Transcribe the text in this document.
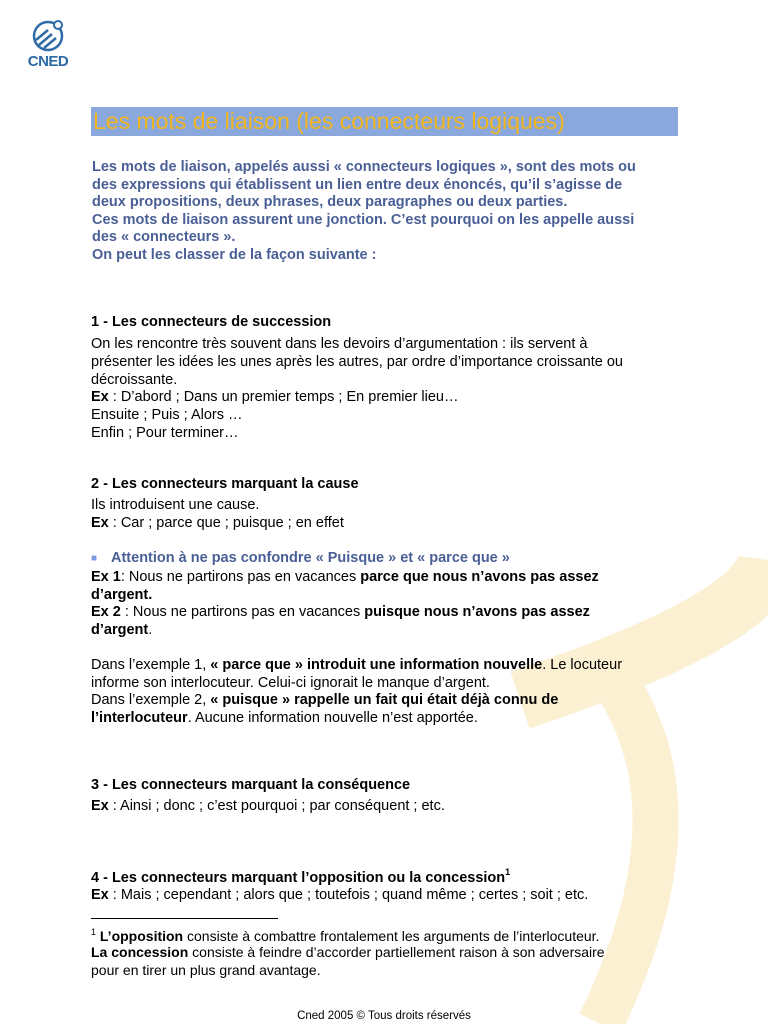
CNED
Les mots de liaison (les connecteurs logiques)

Les mots de liaison, appelés aussi « connecteurs logiques », sont des mots ou

des expressions qui établissent un lien entre deux énoncés, qu’il s’agisse de

deux propositions, deux phrases, deux paragraphes ou deux parties.

Ces mots de liaison assurent une jonction. C’est pourquoi on les appelle aussi

des « connecteurs ».

On peut les classer de la façon suivante :

1 - Les connecteurs de succession
On les rencontre très souvent dans les devoirs d’argumentation : ils servent à
présenter les idées les unes après les autres, par ordre d’importance croissante ou
décroissante.
Ex : D’abord ; Dans un premier temps ; En premier lieu…
Ensuite ; Puis ; Alors …
Enfin ; Pour terminer…
2 - Les connecteurs marquant la cause
Ils introduisent une cause.
Ex : Car ; parce que ; puisque ; en effet
■ Attention à ne pas confondre « Puisque » et « parce que »
Ex 1: Nous ne partirons pas en vacances parce que nous n’avons pas assez
d’argent.
Ex 2 : Nous ne partirons pas en vacances puisque nous n’avons pas assez
d’argent.
Dans l’exemple 1, « parce que » introduit une information nouvelle. Le locuteur
informe son interlocuteur. Celui-ci ignorait le manque d’argent.
Dans l’exemple 2, « puisque » rappelle un fait qui était déjà connu de
l’interlocuteur. Aucune information nouvelle n’est apportée.
3 - Les connecteurs marquant la conséquence
Ex : Ainsi ; donc ; c’est pourquoi ; par conséquent ; etc.
4 - Les connecteurs marquant l’opposition ou la concession$^1$
Ex : Mais ; cependant ; alors que ; toutefois ; quand même ; certes ; soit ; etc.
$^1$ L’opposition consiste à combattre frontalement les arguments de l’interlocuteur.
La concession consiste à feindre d’accorder partiellement raison à son adversaire
pour en tirer un plus grand avantage.
Cned 2005 © Tous droits réservés
